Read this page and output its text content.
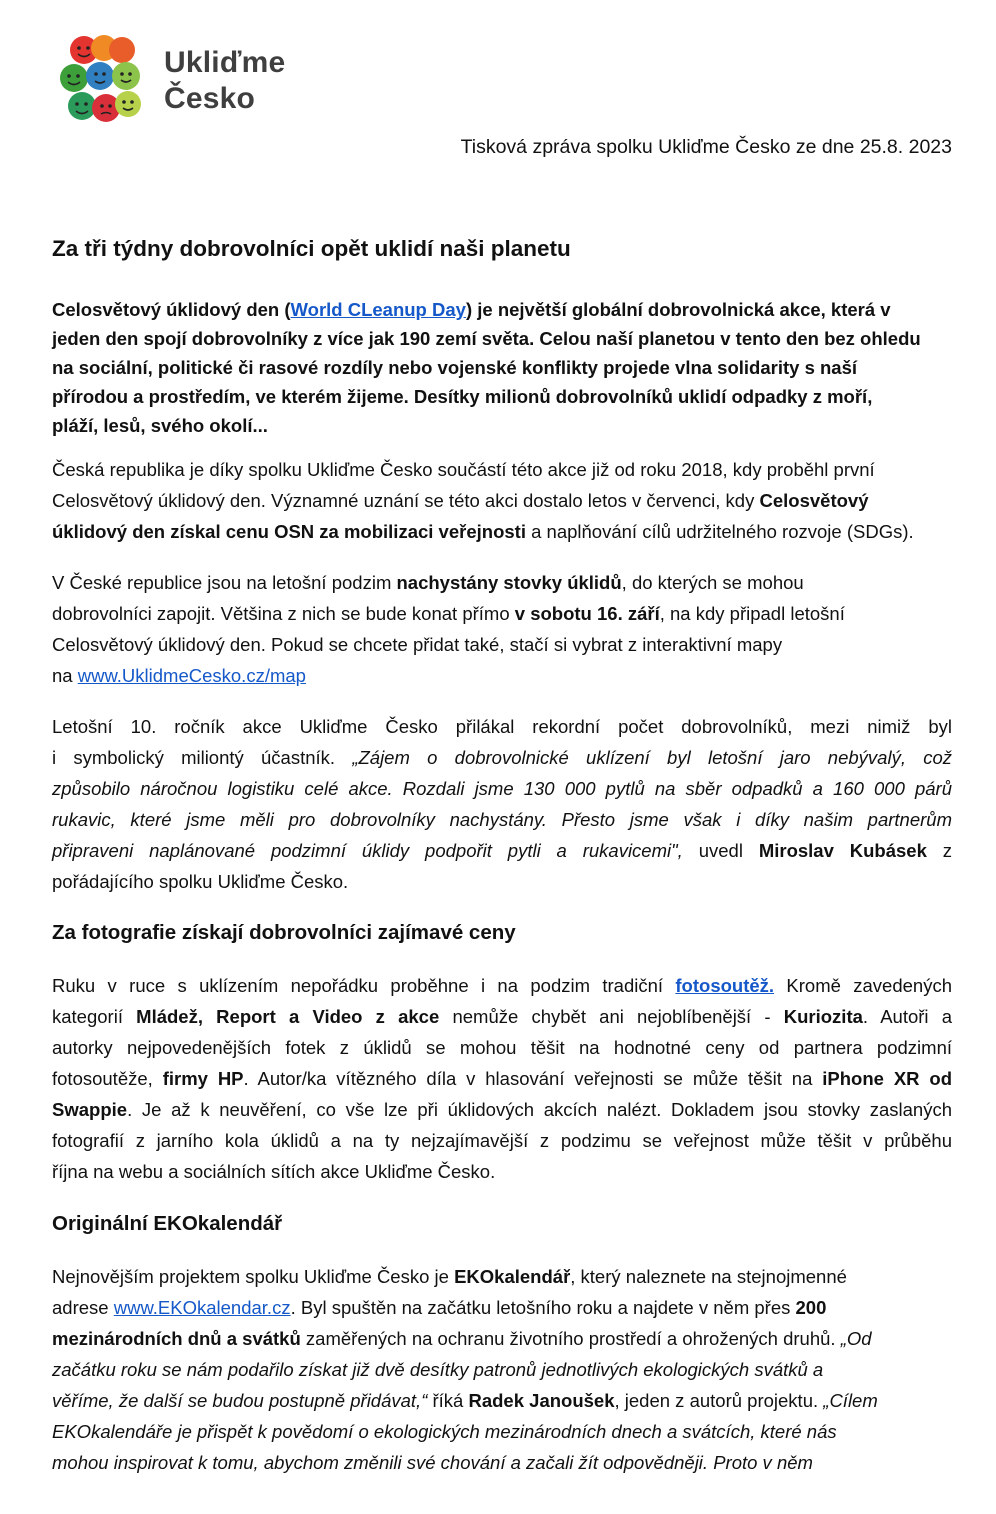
Ukliďme
Česko
Tisková zpráva spolku Ukliďme Česko ze dne 25.8. 2023
Za tři týdny dobrovolníci opět uklidí naši planetu

Celosvětový úklidový den (World CLeanup Day) je největší globální dobrovolnická akce, která v
jeden den spojí dobrovolníky z více jak 190 zemí světa. Celou naší planetou v tento den bez ohledu
na sociální, politické či rasové rozdíly nebo vojenské konflikty projede vlna solidarity s naší
přírodou a prostředím, ve kterém žijeme. Desítky milionů dobrovolníků uklidí odpadky z moří,
pláží, lesů, svého okolí...

Česká republika je díky spolku Ukliďme Česko součástí této akce již od roku 2018, kdy proběhl první
Celosvětový úklidový den. Významné uznání se této akci dostalo letos v červenci, kdy Celosvětový
úklidový den získal cenu OSN za mobilizaci veřejnosti a naplňování cílů udržitelného rozvoje (SDGs).

V České republice jsou na letošní podzim nachystány stovky úklidů, do kterých se mohou
dobrovolníci zapojit. Většina z nich se bude konat přímo v sobotu 16. září, na kdy připadl letošní
Celosvětový úklidový den. Pokud se chcete přidat také, stačí si vybrat z interaktivní mapy
na www.UklidmeCesko.cz/map

Letošní 10. ročník akce Ukliďme Česko přilákal rekordní počet dobrovolníků, mezi nimiž byl
i symbolický miliontý účastník. „Zájem o dobrovolnické uklízení byl letošní jaro nebývalý, což
způsobilo náročnou logistiku celé akce. Rozdali jsme 130 000 pytlů na sběr odpadků a 160 000 párů
rukavic, které jsme měli pro dobrovolníky nachystány. Přesto jsme však i díky našim partnerům
připraveni naplánované podzimní úklidy podpořit pytli a rukavicemi", uvedl Miroslav Kubásek z
pořádajícího spolku Ukliďme Česko.

Za fotografie získají dobrovolníci zajímavé ceny

Ruku v ruce s uklízením nepořádku proběhne i na podzim tradiční fotosoutěž. Kromě zavedených
kategorií Mládež, Report a Video z akce nemůže chybět ani nejoblíbenější - Kuriozita. Autoři a
autorky nejpovedenějších fotek z úklidů se mohou těšit na hodnotné ceny od partnera podzimní
fotosoutěže, firmy HP. Autor/ka vítězného díla v hlasování veřejnosti se může těšit na iPhone XR od
Swappie. Je až k neuvěření, co vše lze při úklidových akcích nalézt. Dokladem jsou stovky zaslaných
fotografií z jarního kola úklidů a na ty nejzajímavější z podzimu se veřejnost může těšit v průběhu
října na webu a sociálních sítích akce Ukliďme Česko.

Originální EKOkalendář

Nejnovějším projektem spolku Ukliďme Česko je EKOkalendář, který naleznete na stejnojmenné
adrese www.EKOkalendar.cz. Byl spuštěn na začátku letošního roku a najdete v něm přes 200
mezinárodních dnů a svátků zaměřených na ochranu životního prostředí a ohrožených druhů. „Od
začátku roku se nám podařilo získat již dvě desítky patronů jednotlivých ekologických svátků a
věříme, že další se budou postupně přidávat,“ říká Radek Janoušek, jeden z autorů projektu. „Cílem
EKOkalendáře je přispět k povědomí o ekologických mezinárodních dnech a svátcích, které nás
mohou inspirovat k tomu, abychom změnili své chování a začali žít odpovědněji. Proto v něm
